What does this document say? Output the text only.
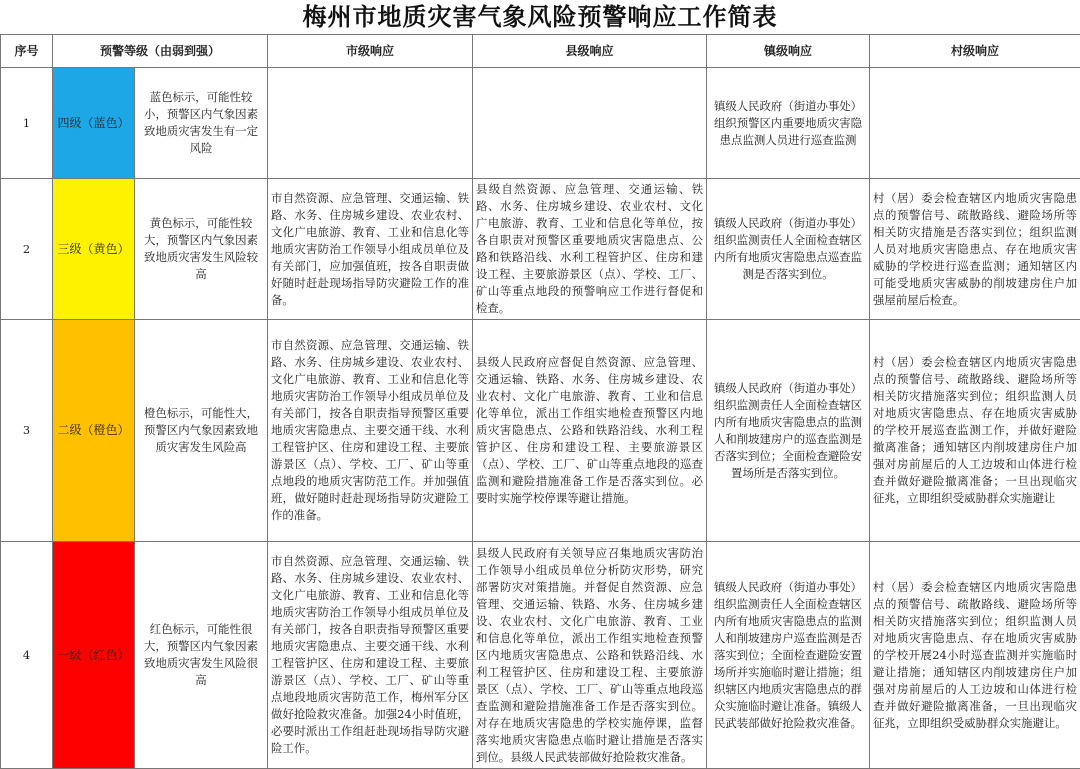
梅州市地质灾害气象风险预警响应工作简表
序号	预警等级（由弱到强）		市级响应	县级响应	镇级响应	村级响应
1	四级（蓝色）	蓝色标示，可能性较小，预警区内气象因素致地质灾害发生有一定风险			镇级人民政府（街道办事处）组织预警区内重要地质灾害隐患点监测人员进行巡查监测	
2	三级（黄色）	黄色标示，可能性较大，预警区内气象因素致地质灾害发生风险较高	市自然资源、应急管理、交通运输、铁路、水务、住房城乡建设、农业农村、文化广电旅游、教育、工业和信息化等地质灾害防治工作领导小组成员单位及有关部门，应加强值班，按各自职责做好随时赶赴现场指导防灾避险工作的准备。	县级自然资源、应急管理、交通运输、铁路、水务、住房城乡建设、农业农村、文化广电旅游、教育、工业和信息化等单位，按各自职责对预警区重要地质灾害隐患点、公路和铁路沿线、水利工程管护区、住房和建设工程、主要旅游景区（点）、学校、工厂、矿山等重点地段的预警响应工作进行督促和检查。	镇级人民政府（街道办事处）组织监测责任人全面检查辖区内所有地质灾害隐患点巡查监测是否落实到位。	村（居）委会检查辖区内地质灾害隐患点的预警信号、疏散路线、避险场所等相关防灾措施是否落实到位；组织监测人员对地质灾害隐患点、存在地质灾害威胁的学校进行巡查监测；通知辖区内可能受地质灾害威胁的削坡建房住户加强屋前屋后检查。
3	二级（橙色）	橙色标示，可能性大，预警区内气象因素致地质灾害发生风险高	市自然资源、应急管理、交通运输、铁路、水务、住房城乡建设、农业农村、文化广电旅游、教育、工业和信息化等地质灾害防治工作领导小组成员单位及有关部门，按各自职责指导预警区重要地质灾害隐患点、主要交通干线、水利工程管护区、住房和建设工程、主要旅游景区（点）、学校、工厂、矿山等重点地段的地质灾害防范工作。并加强值班，做好随时赶赴现场指导防灾避险工作的准备。	县级人民政府应督促自然资源、应急管理、交通运输、铁路、水务、住房城乡建设、农业农村、文化广电旅游、教育、工业和信息化等单位，派出工作组实地检查预警区内地质灾害隐患点、公路和铁路沿线、水利工程管护区、住房和建设工程、主要旅游景区（点）、学校、工厂、矿山等重点地段的巡查监测和避险措施准备工作是否落实到位。必要时实施学校停课等避让措施。	镇级人民政府（街道办事处）组织监测责任人全面检查辖区内所有地质灾害隐患点的监测人和削坡建房户的巡查监测是否落实到位；全面检查避险安置场所是否落实到位。	村（居）委会检查辖区内地质灾害隐患点的预警信号、疏散路线、避险场所等相关防灾措施落实到位；组织监测人员对地质灾害隐患点、存在地质灾害威胁的学校开展巡查监测工作，并做好避险撤离准备；通知辖区内削坡建房住户加强对房前屋后的人工边坡和山体进行检查并做好避险撤离准备；一旦出现临灾征兆，立即组织受威胁群众实施避让
4	一级（红色）	红色标示，可能性很大，预警区内气象因素致地质灾害发生风险很高	市自然资源、应急管理、交通运输、铁路、水务、住房城乡建设、农业农村、文化广电旅游、教育、工业和信息化等地质灾害防治工作领导小组成员单位及有关部门，按各自职责指导预警区重要地质灾害隐患点、主要交通干线、水利工程管护区、住房和建设工程、主要旅游景区（点）、学校、工厂、矿山等重点地段地质灾害防范工作，梅州军分区做好抢险救灾准备。加强24小时值班，必要时派出工作组赶赴现场指导防灾避险工作。	县级人民政府有关领导应召集地质灾害防治工作领导小组成员单位分析防灾形势，研究部署防灾对策措施。并督促自然资源、应急管理、交通运输、铁路、水务、住房城乡建设、农业农村、文化广电旅游、教育、工业和信息化等单位，派出工作组实地检查预警区内地质灾害隐患点、公路和铁路沿线、水利工程管护区、住房和建设工程、主要旅游景区（点）、学校、工厂、矿山等重点地段巡查监测和避险措施准备工作是否落实到位。对存在地质灾害隐患的学校实施停课，监督落实地质灾害隐患点临时避让措施是否落实到位。县级人民武装部做好抢险救灾准备。	镇级人民政府（街道办事处）组织监测责任人全面检查辖区内所有地质灾害隐患点的监测人和削坡建房户巡查监测是否落实到位；全面检查避险安置场所并实施临时避让措施；组织辖区内地质灾害隐患点的群众实施临时避让准备。镇级人民武装部做好抢险救灾准备。	村（居）委会检查辖区内地质灾害隐患点的预警信号、疏散路线、避险场所等相关防灾措施落实到位；组织监测人员对地质灾害隐患点、存在地质灾害威胁的学校开展24小时巡查监测并实施临时避让措施；通知辖区内削坡建房住户加强对房前屋后的人工边坡和山体进行检查并做好避险撤离准备，一旦出现临灾征兆，立即组织受威胁群众实施避让。
